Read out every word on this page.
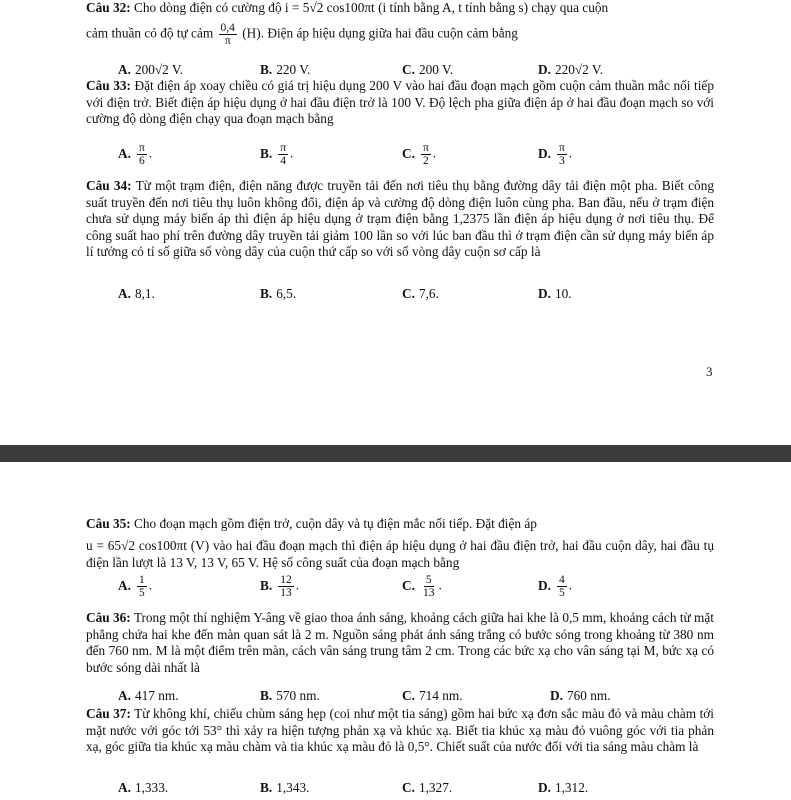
Câu 32: Cho dòng điện có cường độ i = 5√2 cos100πt (i tính bằng A, t tính bằng s) chạy qua cuộn
cảm thuần có độ tự cảm $\frac{0,4}{\pi} (H)$. Điện áp hiệu dụng giữa hai đầu cuộn cảm bằng
A. 200√2 V.	B. 220 V.	C. 200 V.	D. 220√2 V.
Câu 33: Đặt điện áp xoay chiều có giá trị hiệu dụng 200 V vào hai đầu đoạn mạch gồm cuộn cảm thuần mắc nối tiếp với điện trở. Biết điện áp hiệu dụng ở hai đầu điện trở là 100 V. Độ lệch pha giữa điện áp ở hai đầu đoạn mạch so với cường độ dòng điện chạy qua đoạn mạch bằng
A. $\frac{\pi}{6}$ .	B. $\frac{\pi}{4}$ .	C. $\frac{\pi}{2}$ .	D. $\frac{\pi}{3}$ .
Câu 34: Từ một trạm điện, điện năng được truyền tải đến nơi tiêu thụ bằng đường dây tải điện một pha. Biết công suất truyền đến nơi tiêu thụ luôn không đổi, điện áp và cường độ dòng điện luôn cùng pha. Ban đầu, nếu ở trạm điện chưa sử dụng máy biến áp thì điện áp hiệu dụng ở trạm điện bằng 1,2375 lần điện áp hiệu dụng ở nơi tiêu thụ. Để công suất hao phí trên đường dây truyền tải giảm 100 lần so với lúc ban đầu thì ở trạm điện cần sử dụng máy biến áp lí tưởng có tỉ số giữa số vòng dây của cuộn thứ cấp so với số vòng dây cuộn sơ cấp là
A. 8,1.	B. 6,5.	C. 7,6.	D. 10.
3
Câu 35: Cho đoạn mạch gồm điện trở, cuộn dây và tụ điện mắc nối tiếp. Đặt điện áp
u = 65√2 cos100πt (V) vào hai đầu đoạn mạch thì điện áp hiệu dụng ở hai đầu điện trở, hai đầu cuộn dây, hai đầu tụ điện lần lượt là 13 V, 13 V, 65 V. Hệ số công suất của đoạn mạch bằng
A. $\frac{1}{5}$ .	B. $\frac{12}{13}$ .	C. $\frac{5}{13}$ .	D. $\frac{4}{5}$ .
Câu 36: Trong một thí nghiệm Y-âng về giao thoa ánh sáng, khoảng cách giữa hai khe là 0,5 mm, khoảng cách từ mặt phẳng chứa hai khe đến màn quan sát là 2 m. Nguồn sáng phát ánh sáng trắng có bước sóng trong khoảng từ 380 nm đến 760 nm. M là một điểm trên màn, cách vân sáng trung tâm 2 cm. Trong các bức xạ cho vân sáng tại M, bức xạ có bước sóng dài nhất là
A. 417 nm.	B. 570 nm.	C. 714 nm.	D. 760 nm.
Câu 37: Từ không khí, chiếu chùm sáng hẹp (coi như một tia sáng) gồm hai bức xạ đơn sắc màu đỏ và màu chàm tới mặt nước với góc tới 53° thì xảy ra hiện tượng phản xạ và khúc xạ. Biết tia khúc xạ màu đỏ vuông góc với tia phản xạ, góc giữa tia khúc xạ màu chàm và tia khúc xạ màu đỏ là 0,5°. Chiết suất của nước đối với tia sáng màu chàm là
A. 1,333.	B. 1,343.	C. 1,327.	D. 1,312.
